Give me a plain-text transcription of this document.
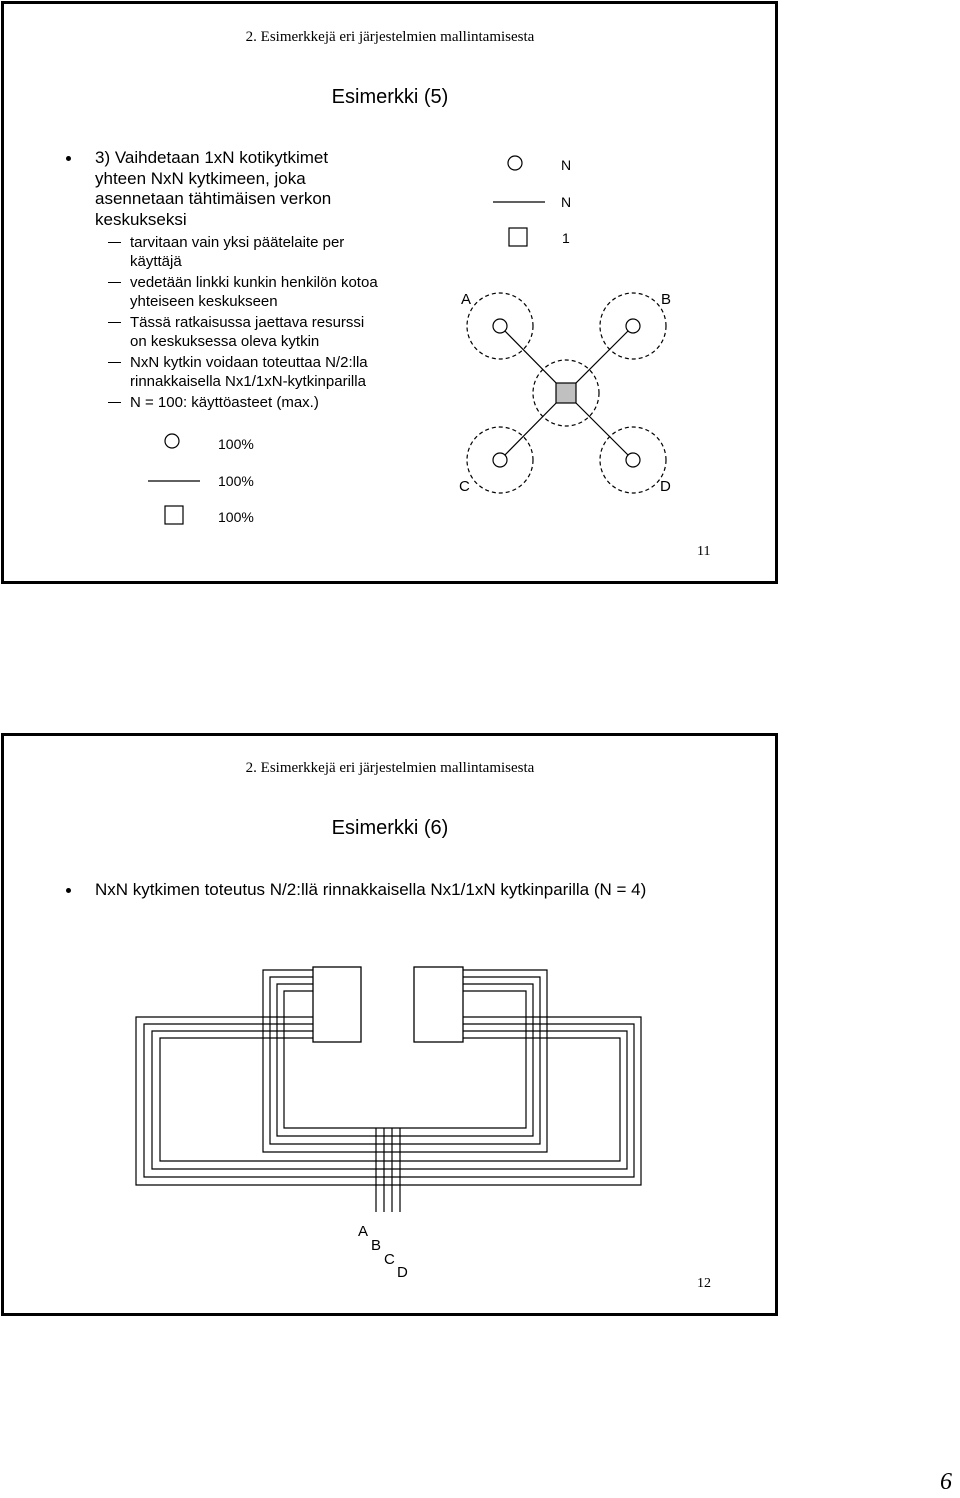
2. Esimerkkejä eri järjestelmien mallintamisesta
Esimerkki (5)
3) Vaihdetaan 1xN kotikytkimet
yhteen NxN kytkimeen, joka
asennetaan tähtimäisen verkon
keskukseksi
tarvitaan vain yksi päätelaite per
käyttäjä
vedetään linkki kunkin henkilön kotoa
yhteiseen keskukseen
Tässä ratkaisussa jaettava resurssi
on keskuksessa oleva kytkin
NxN kytkin voidaan toteuttaa N/2:lla
rinnakkaisella Nx1/1xN-kytkinparilla
N = 100: käyttöasteet (max.)
100%
100%
100%
N
N
1
A	B
C	D
11
2. Esimerkkejä eri järjestelmien mallintamisesta
Esimerkki (6)
NxN kytkimen toteutus N/2:llä rinnakkaisella Nx1/1xN kytkinparilla (N = 4)
A
B
C
D
12
6
